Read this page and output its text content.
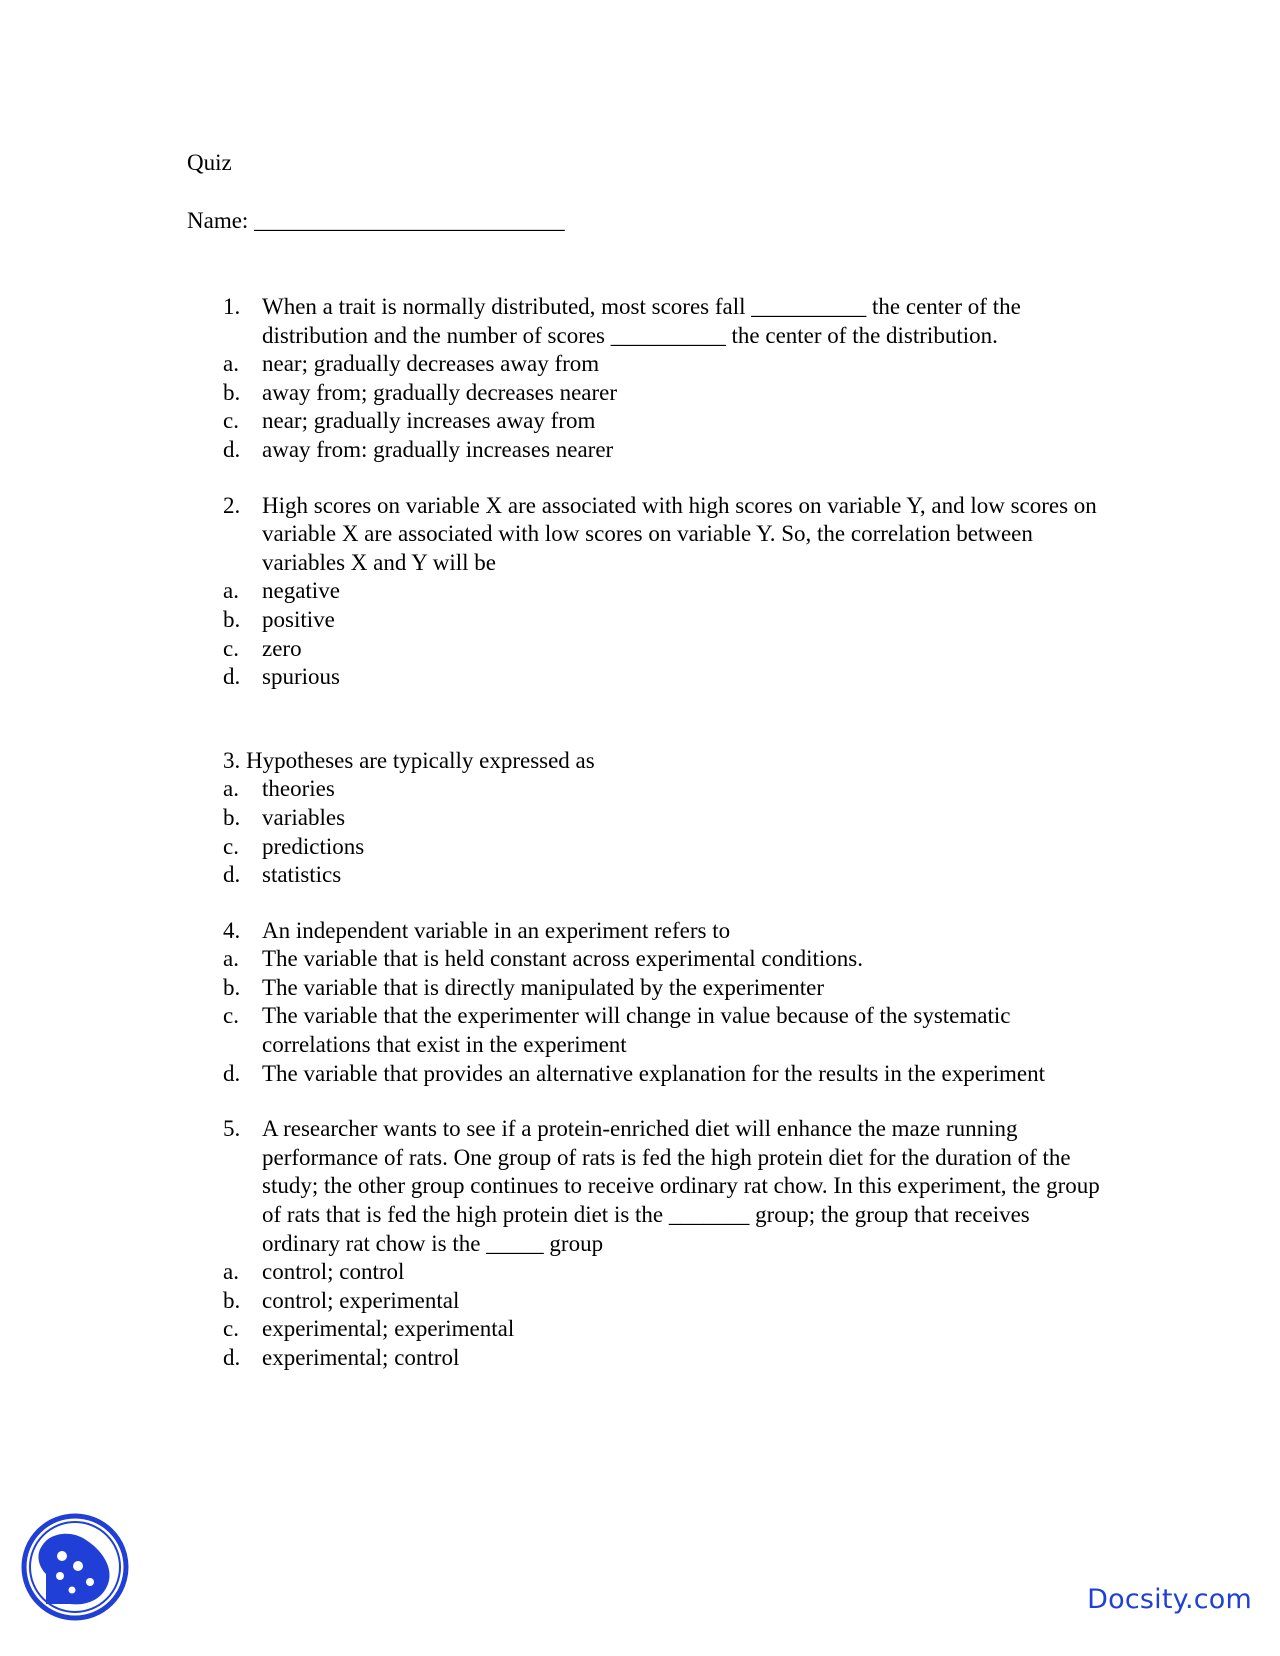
Quiz
Name: ___________________________
1. When a trait is normally distributed, most scores fall __________ the center of the distribution and the number of scores __________ the center of the distribution.
a.	near; gradually decreases away from
b. away from; gradually decreases nearer
c.	near; gradually increases away from
d. away from: gradually increases nearer
2. High scores on variable X are associated with high scores on variable Y, and low scores on variable X are associated with low scores on variable Y. So, the correlation between variables X and Y will be
a.	negative
b. positive
c.	zero
d. spurious
3. Hypotheses are typically expressed as
a.	theories
b. variables
c.	predictions
d. statistics
4. An independent variable in an experiment refers to
a.	The variable that is held constant across experimental conditions.
b. The variable that is directly manipulated by the experimenter
c.	The variable that the experimenter will change in value because of the systematic correlations that exist in the experiment
d. The variable that provides an alternative explanation for the results in the experiment
5. A researcher wants to see if a protein-enriched diet will enhance the maze running performance of rats. One group of rats is fed the high protein diet for the duration of the study; the other group continues to receive ordinary rat chow. In this experiment, the group of rats that is fed the high protein diet is the _______ group; the group that receives ordinary rat chow is the _____ group
a.	control; control
b. control; experimental
c.	experimental; experimental
d. experimental; control
Docsity.com
